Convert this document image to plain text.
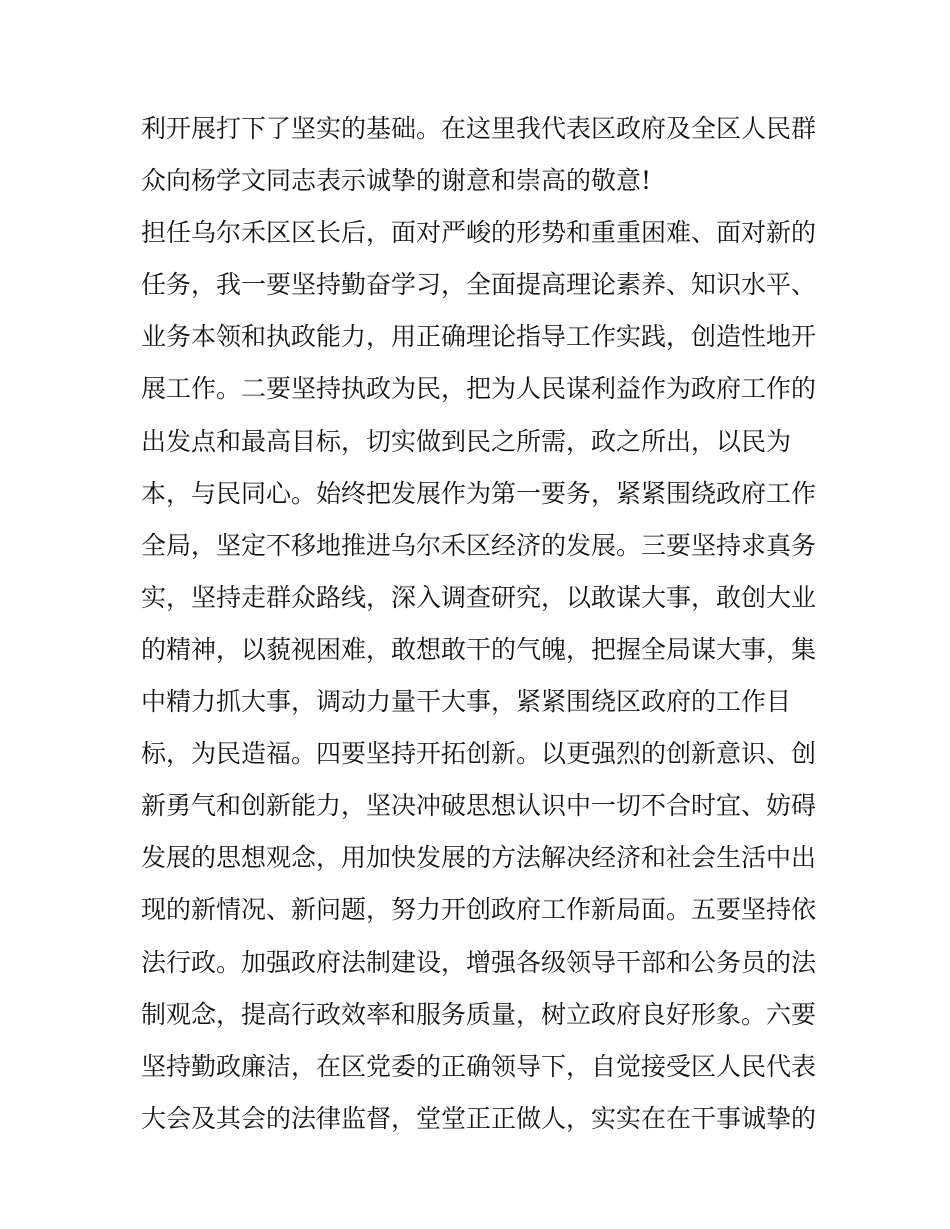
利开展打下了坚实的基础。在这里我代表区政府及全区人民群
众向杨学文同志表示诚挚的谢意和崇高的敬意!
担任乌尔禾区区长后，面对严峻的形势和重重困难、面对新的
任务，我一要坚持勤奋学习，全面提高理论素养、知识水平、
业务本领和执政能力，用正确理论指导工作实践，创造性地开
展工作。二要坚持执政为民，把为人民谋利益作为政府工作的
出发点和最高目标，切实做到民之所需，政之所出，以民为
本，与民同心。始终把发展作为第一要务，紧紧围绕政府工作
全局，坚定不移地推进乌尔禾区经济的发展。三要坚持求真务
实，坚持走群众路线，深入调查研究，以敢谋大事，敢创大业
的精神，以藐视困难，敢想敢干的气魄，把握全局谋大事，集
中精力抓大事，调动力量干大事，紧紧围绕区政府的工作目
标，为民造福。四要坚持开拓创新。以更强烈的创新意识、创
新勇气和创新能力，坚决冲破思想认识中一切不合时宜、妨碍
发展的思想观念，用加快发展的方法解决经济和社会生活中出
现的新情况、新问题，努力开创政府工作新局面。五要坚持依
法行政。加强政府法制建设，增强各级领导干部和公务员的法
制观念，提高行政效率和服务质量，树立政府良好形象。六要
坚持勤政廉洁，在区党委的正确领导下，自觉接受区人民代表
大会及其会的法律监督，堂堂正正做人，实实在在干事诚挚的
